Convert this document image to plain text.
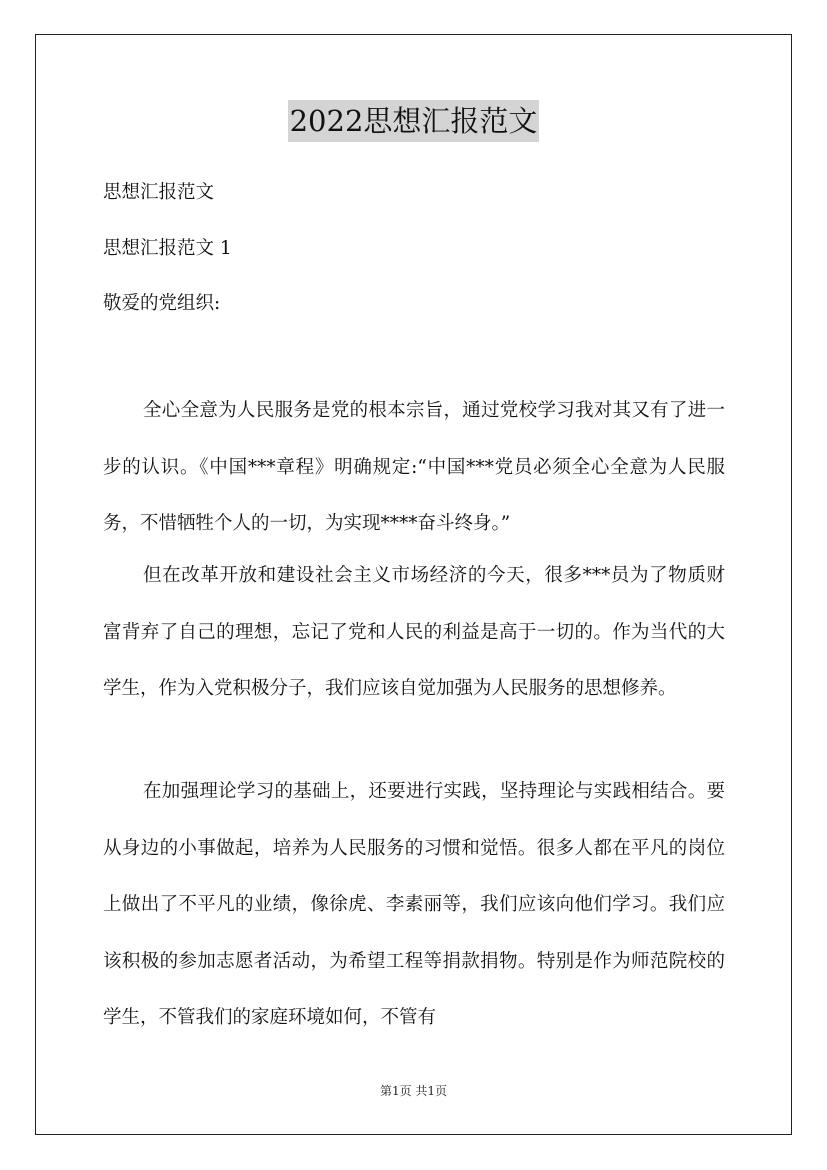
2022思想汇报范文
思想汇报范文
思想汇报范文 1
敬爱的党组织:
全心全意为人民服务是党的根本宗旨，通过党校学习我对其又有了进一步的认识。《中国***章程》明确规定:“中国***党员必须全心全意为人民服务，不惜牺牲个人的一切，为实现****奋斗终身。”
但在改革开放和建设社会主义市场经济的今天，很多***员为了物质财富背弃了自己的理想，忘记了党和人民的利益是高于一切的。作为当代的大学生，作为入党积极分子，我们应该自觉加强为人民服务的思想修养。
在加强理论学习的基础上，还要进行实践，坚持理论与实践相结合。要从身边的小事做起，培养为人民服务的习惯和觉悟。很多人都在平凡的岗位上做出了不平凡的业绩，像徐虎、李素丽等，我们应该向他们学习。我们应该积极的参加志愿者活动，为希望工程等捐款捐物。特别是作为师范院校的学生，不管我们的家庭环境如何，不管有
第1页 共1页
